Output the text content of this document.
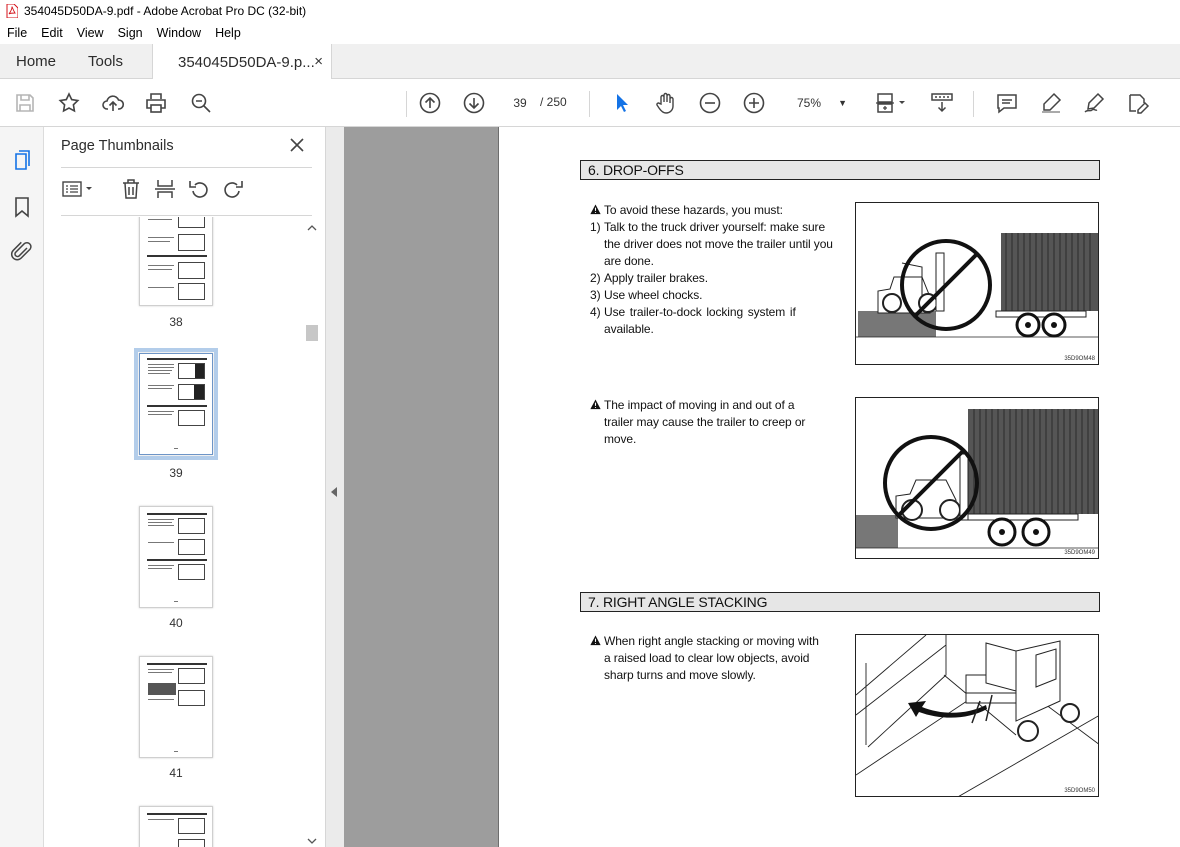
354045D50DA-9.pdf - Adobe Acrobat Pro DC (32-bit)
File	Edit	View	Sign	Window	Help
Home Tools	354045D50DA-9.p... ×
39	/ 250	75% ▼
Page Thumbnails
38
39
40
41
6. DROP-OFFS
To avoid these hazards, you must:
1) Talk to the truck driver yourself: make sure
the driver does not move the trailer until you
are done.
2) Apply trailer brakes.
3) Use wheel chocks.
4) Use trailer-to-dock locking system if
available.
35D9OM48
The impact of moving in and out of a
trailer may cause the trailer to creep or
move.
35D9OM49
7. RIGHT ANGLE STACKING
When right angle stacking or moving with
a raised load to clear low objects, avoid
sharp turns and move slowly.
35D9OM50
